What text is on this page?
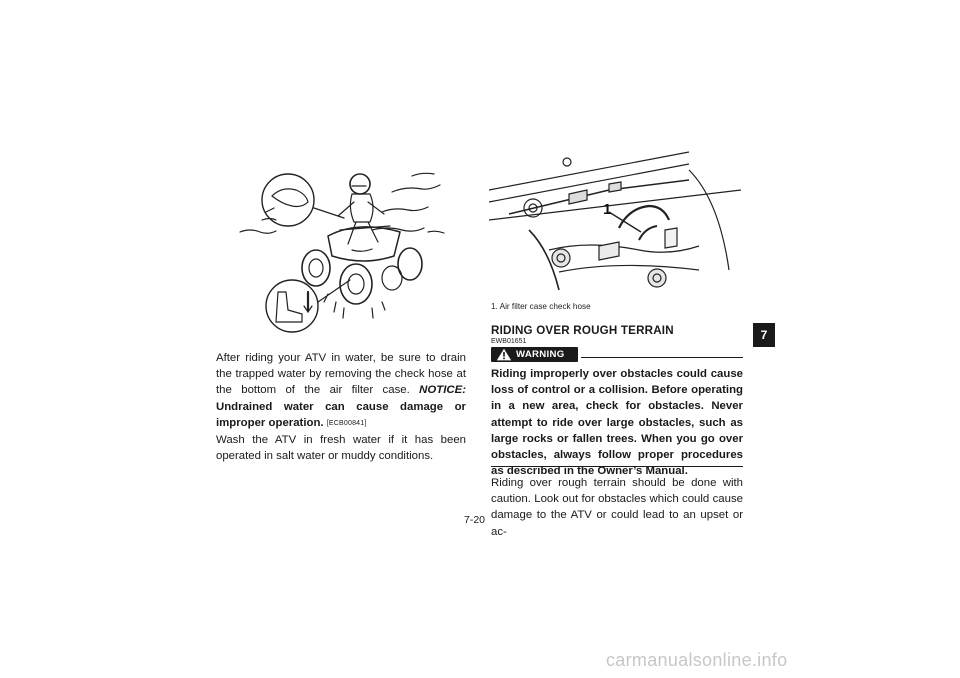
After riding your ATV in water, be sure to drain the trapped water by removing the check hose at the bottom of the air filter case. NOTICE: Undrained water can cause damage or improper operation. [ECB00841]
Wash the ATV in fresh water if it has been operated in salt water or muddy conditions.
1
1. Air filter case check hose
RIDING OVER ROUGH TERRAIN
EWB01651
WARNING
Riding improperly over obstacles could cause loss of control or a collision. Before operating in a new area, check for obstacles. Never attempt to ride over large obstacles, such as large rocks or fallen trees. When you go over obstacles, always follow proper procedures as described in the Owner’s Manual.
Riding over rough terrain should be done with caution. Look out for obstacles which could cause damage to the ATV or could lead to an upset or ac-
7-20
7
carmanualsonline.info
